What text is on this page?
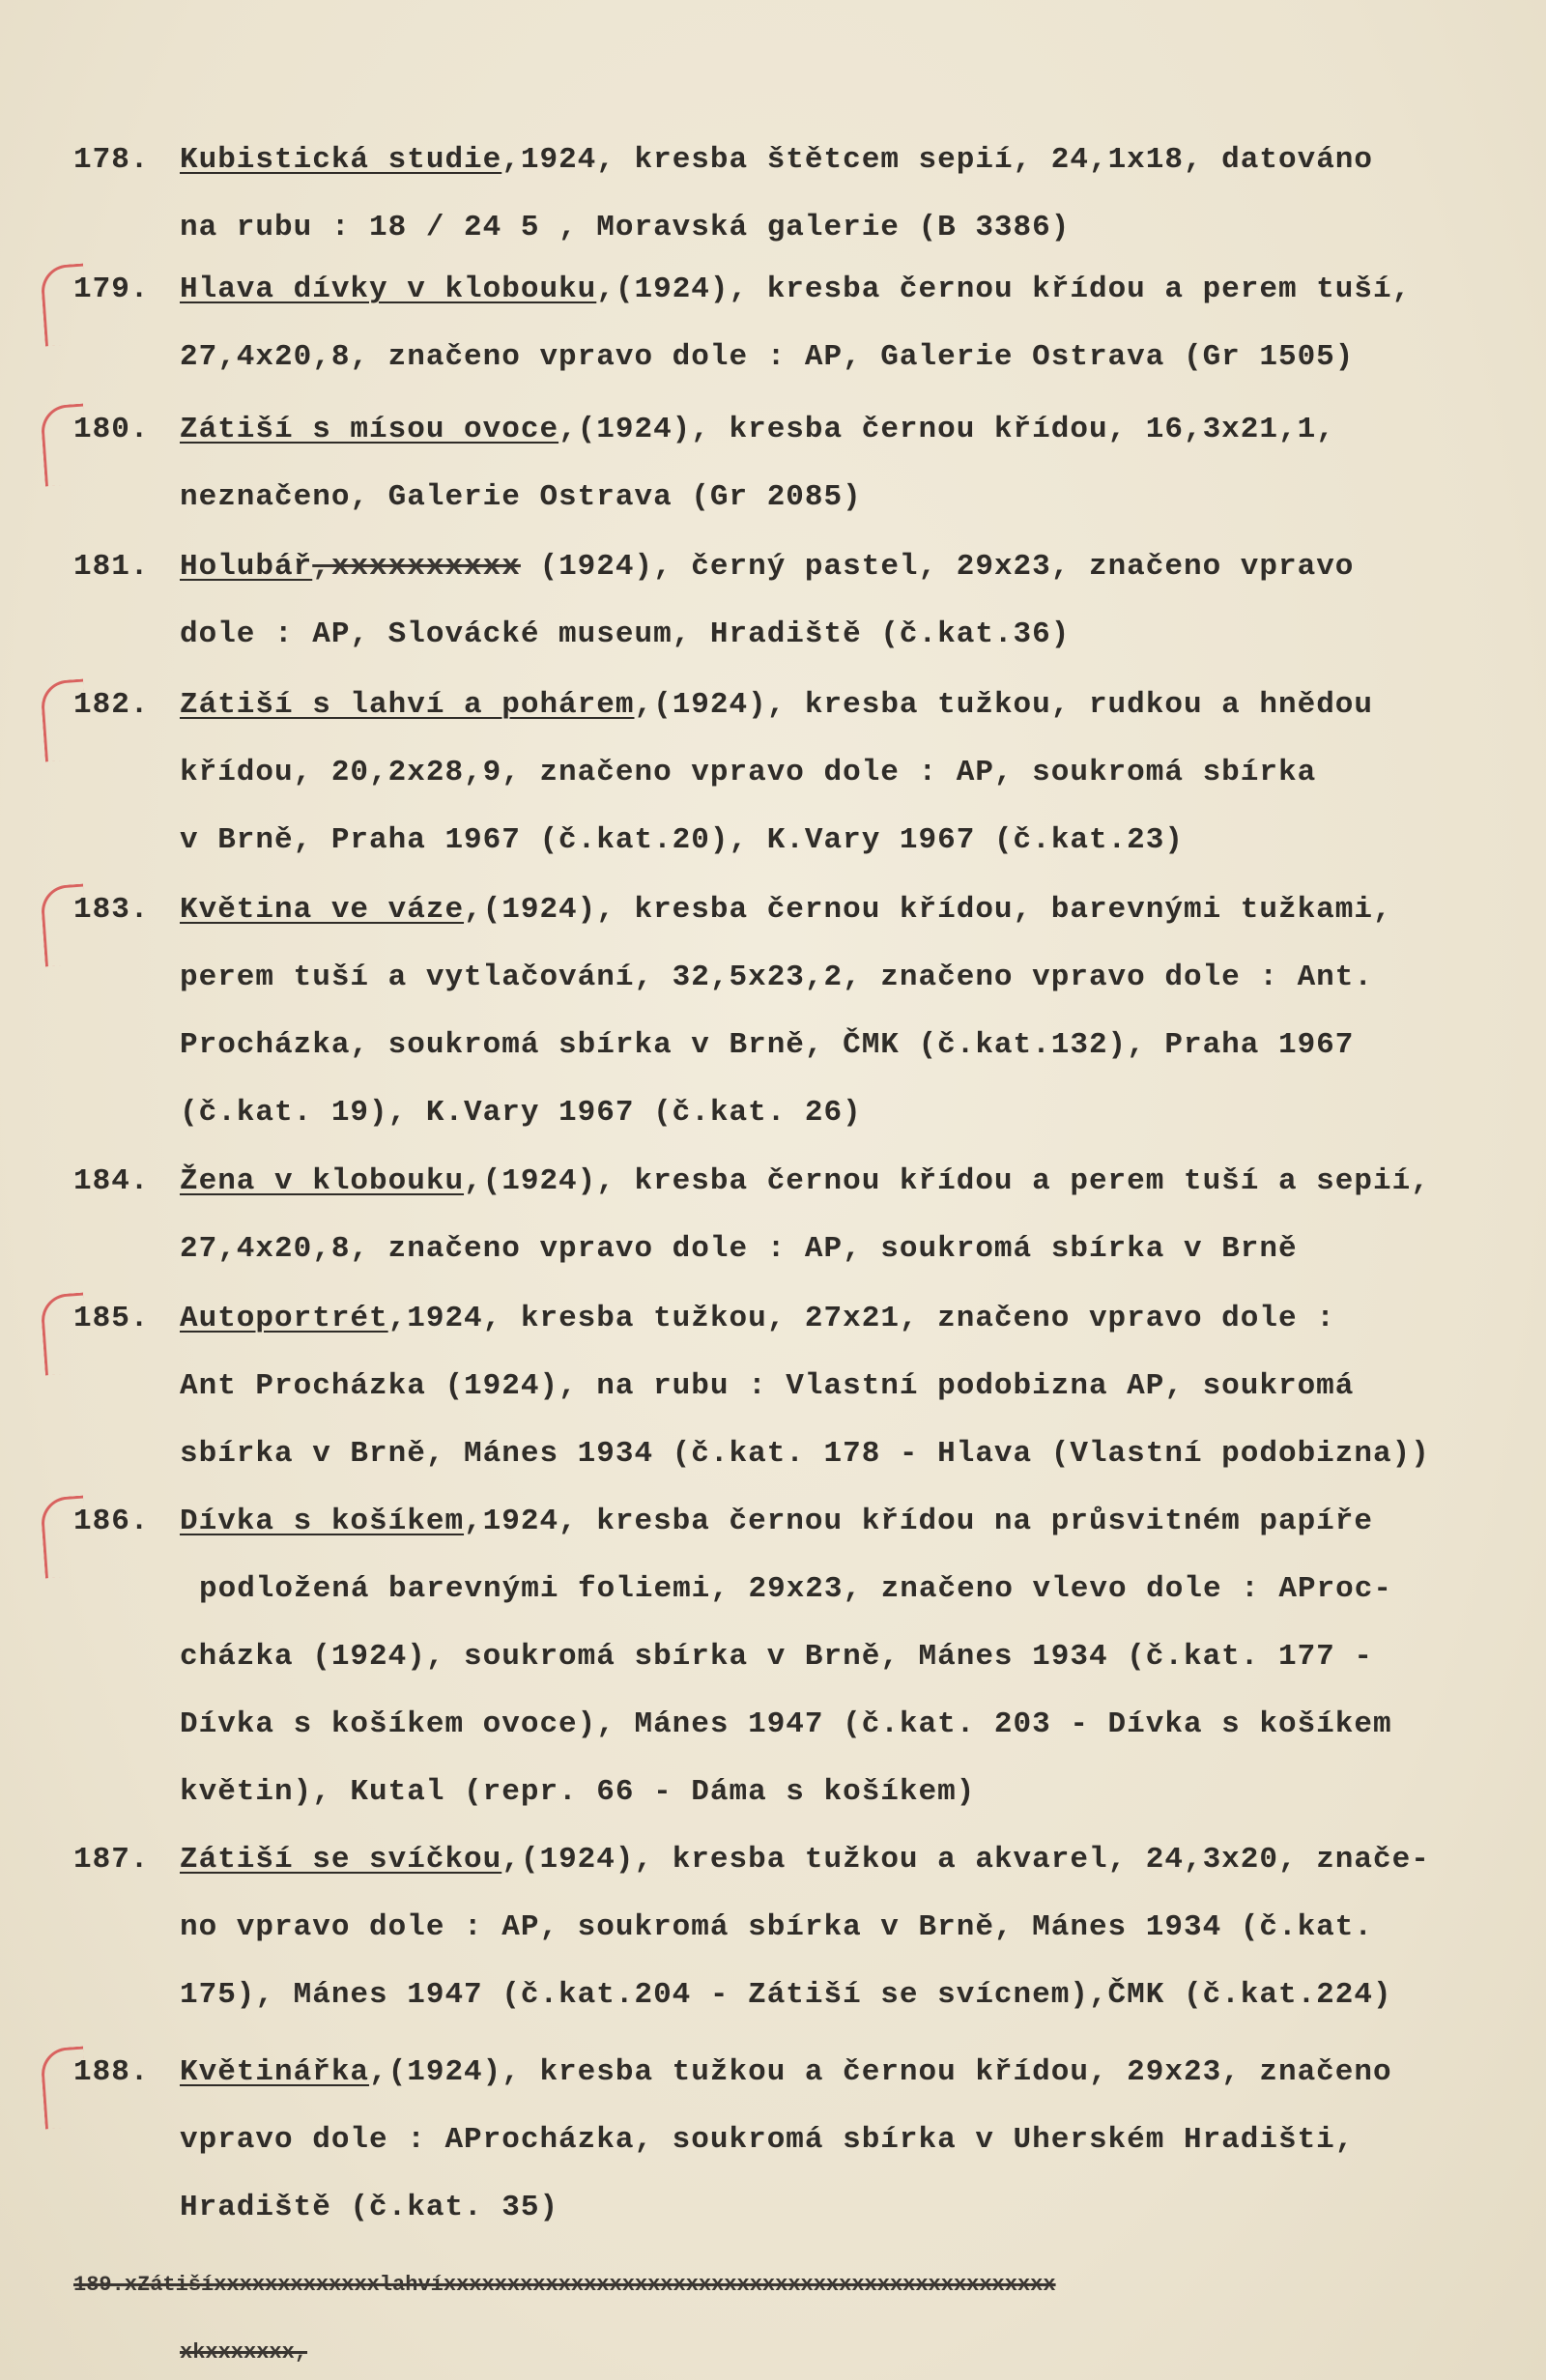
178. Kubistická studie,1924, kresba štětcem sepií, 24,1x18, datováno
na rubu : 18 / 24 5 , Moravská galerie (B 3386)
179. Hlava dívky v klobouku,(1924), kresba černou křídou a perem tuší,
27,4x20,8, značeno vpravo dole : AP, Galerie Ostrava (Gr 1505)
180. Zátiší s mísou ovoce,(1924), kresba černou křídou, 16,3x21,1,
neznačeno, Galerie Ostrava (Gr 2085)
181. Holubář,xxxxxxxxxx (1924), černý pastel, 29x23, značeno vpravo
dole : AP, Slovácké museum, Hradiště (č.kat.36)
182. Zátiší s lahví a pohárem,(1924), kresba tužkou, rudkou a hnědou
křídou, 20,2x28,9, značeno vpravo dole : AP, soukromá sbírka
v Brně, Praha 1967 (č.kat.20), K.Vary 1967 (č.kat.23)
183. Květina ve váze,(1924), kresba černou křídou, barevnými tužkami,
perem tuší a vytlačování, 32,5x23,2, značeno vpravo dole : Ant.
Procházka, soukromá sbírka v Brně, ČMK (č.kat.132), Praha 1967
(č.kat. 19), K.Vary 1967 (č.kat. 26)
184. Žena v klobouku,(1924), kresba černou křídou a perem tuší a sepií,
27,4x20,8, značeno vpravo dole : AP, soukromá sbírka v Brně
185. Autoportrét,1924, kresba tužkou, 27x21, značeno vpravo dole :
Ant Procházka (1924), na rubu : Vlastní podobizna AP, soukromá
sbírka v Brně, Mánes 1934 (č.kat. 178 - Hlava (Vlastní podobizna))
186. Dívka s košíkem,1924, kresba černou křídou na průsvitném papíře
podložená barevnými foliemi, 29x23, značeno vlevo dole : AProc-
cházka (1924), soukromá sbírka v Brně, Mánes 1934 (č.kat. 177 -
Dívka s košíkem ovoce), Mánes 1947 (č.kat. 203 - Dívka s košíkem
květin), Kutal (repr. 66 - Dáma s košíkem)
187. Zátiší se svíčkou,(1924), kresba tužkou a akvarel, 24,3x20, znače-
no vpravo dole : AP, soukromá sbírka v Brně, Mánes 1934 (č.kat.
175), Mánes 1947 (č.kat.204 - Zátiší se svícnem),ČMK (č.kat.224)
188. Květinářka,(1924), kresba tužkou a černou křídou, 29x23, značeno
vpravo dole : AProcházka, soukromá sbírka v Uherském Hradišti,
Hradiště (č.kat. 35)
189.xZátišíxxxxxxxxxxxxxlahvíxxxxxxxxxxxxxxxxxxxxxxxxxxxxxxxxxxxxxxxxxxxxxxxx
xkxxxxxxx,
